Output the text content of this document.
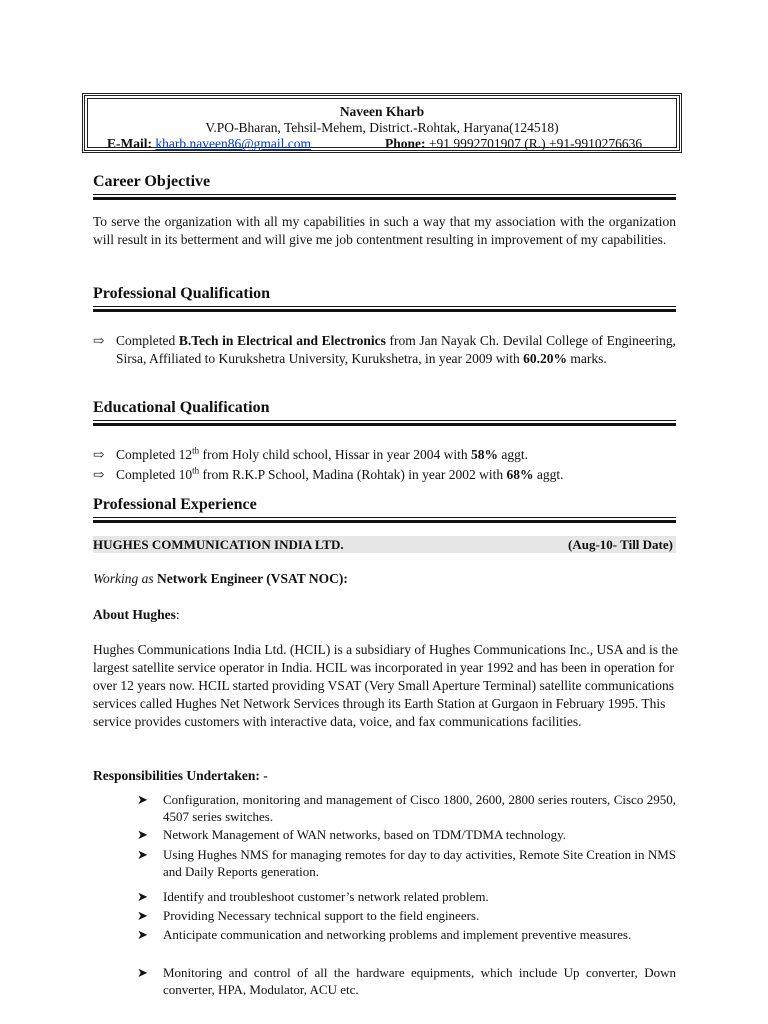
Naveen Kharb
V.PO-Bharan, Tehsil-Mehem, District.-Rohtak, Haryana(124518)
E-Mail: kharb.naveen86@gmail.com	Phone: +91 9992701907 (R.) +91-9910276636
Career Objective
To serve the organization with all my capabilities in such a way that my association with the organization will result in its betterment and will give me job contentment resulting in improvement of my capabilities.
Professional Qualification
⇨ Completed B.Tech in Electrical and Electronics from Jan Nayak Ch. Devilal College of Engineering, Sirsa, Affiliated to Kurukshetra University, Kurukshetra, in year 2009 with 60.20% marks.
Educational Qualification
⇨ Completed 12th from Holy child school, Hissar in year 2004 with 58% aggt.
⇨ Completed 10th from R.K.P School, Madina (Rohtak) in year 2002 with 68% aggt.
Professional Experience
HUGHES COMMUNICATION INDIA LTD.	(Aug-10- Till Date)
Working as Network Engineer (VSAT NOC):
About Hughes:
Hughes Communications India Ltd. (HCIL) is a subsidiary of Hughes Communications Inc., USA and is the largest satellite service operator in India. HCIL was incorporated in year 1992 and has been in operation for over 12 years now. HCIL started providing VSAT (Very Small Aperture Terminal) satellite communications services called Hughes Net Network Services through its Earth Station at Gurgaon in February 1995. This service provides customers with interactive data, voice, and fax communications facilities.
Responsibilities Undertaken: -
➤ Configuration, monitoring and management of Cisco 1800, 2600, 2800 series routers, Cisco 2950, 4507 series switches.
➤ Network Management of WAN networks, based on TDM/TDMA technology.
➤ Using Hughes NMS for managing remotes for day to day activities, Remote Site Creation in NMS and Daily Reports generation.
➤ Identify and troubleshoot customer’s network related problem.
➤ Providing Necessary technical support to the field engineers.
➤ Anticipate communication and networking problems and implement preventive measures.
➤ Monitoring and control of all the hardware equipments, which include Up converter, Down converter, HPA, Modulator, ACU etc.
